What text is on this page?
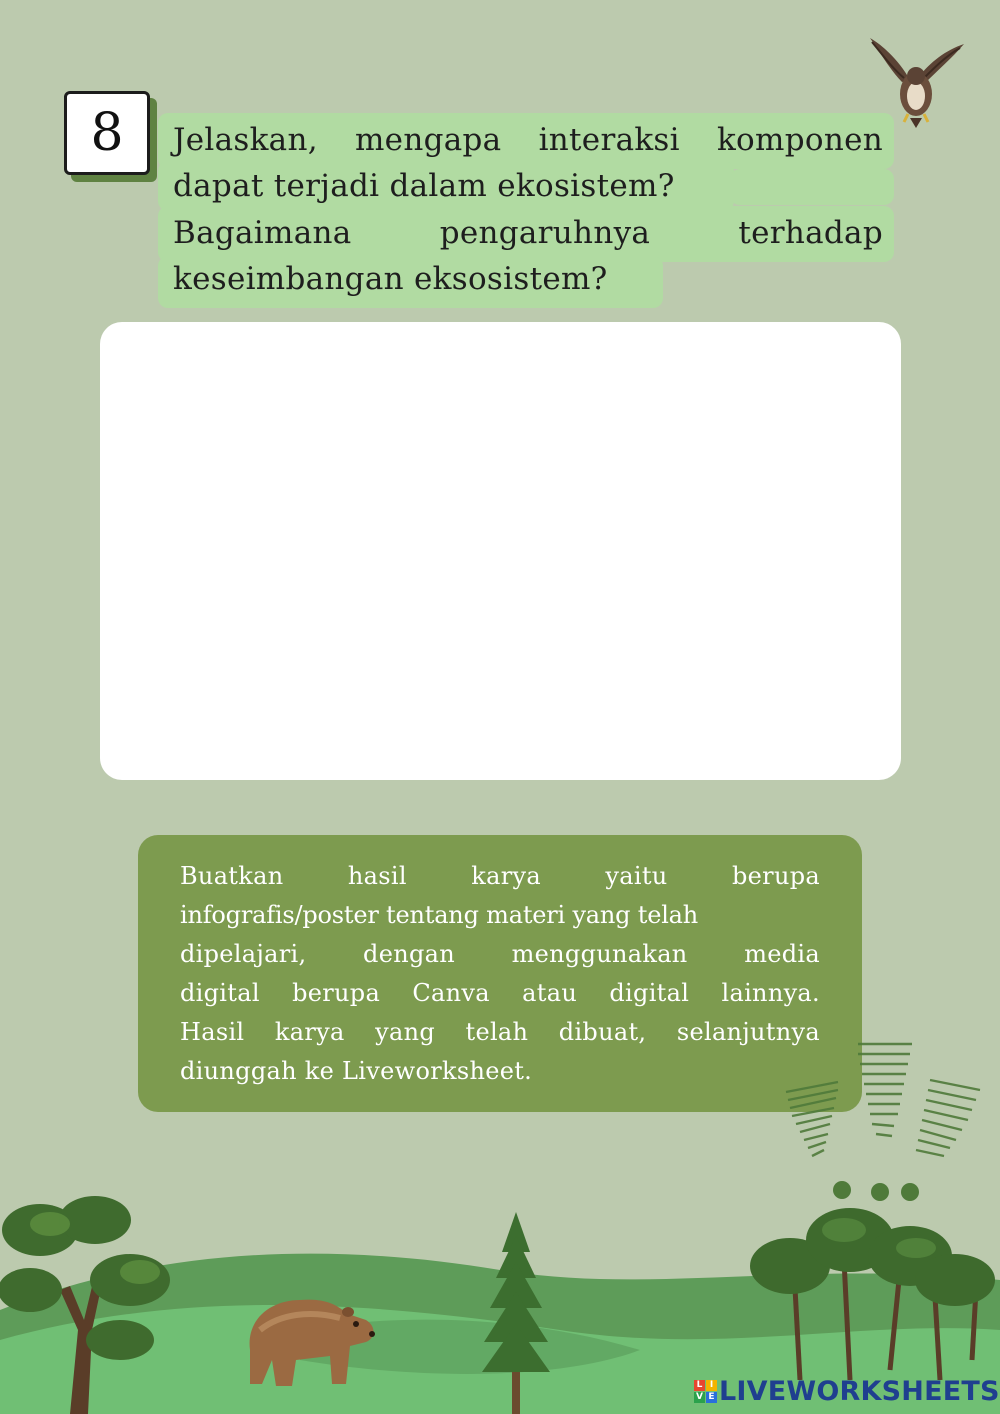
8	Jelaskan, mengapa interaksi komponen
dapat terjadi dalam ekosistem?
Bagaimana	pengaruhnya	terhadap
keseimbangan eksosistem?
Buatkan	hasil	karya	yaitu	berupa
infografis/poster tentang materi yang telah
dipelajari, dengan menggunakan media
digital berupa Canva atau digital lainnya.
Hasil karya yang telah dibuat, selanjutnya
diunggah ke Liveworksheet.
L I
V E LIVEWORKSHEETS
